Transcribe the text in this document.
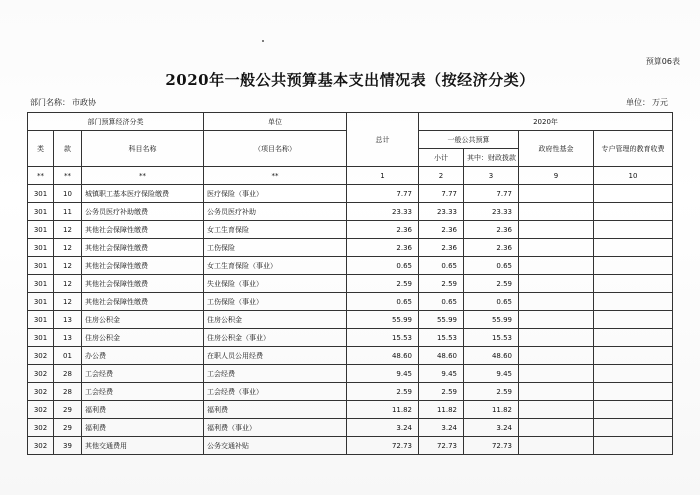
预算06表
2020年一般公共预算基本支出情况表（按经济分类）
部门名称： 市政协	单位： 万元
部门预算经济分类			单位	总计	2020年			
类	款	科目名称	（项目名称）		一般公共预算		政府性基金	专户管理的教育收费
					小计	其中：财政拨款		
**	**	**	**	1	2	3	9	10
301	10	城镇职工基本医疗保险缴费	医疗保险（事业）	7.77	7.77	7.77		
301	11	公务员医疗补助缴费	公务员医疗补助	23.33	23.33	23.33		
301	12	其他社会保障性缴费	女工生育保险	2.36	2.36	2.36		
301	12	其他社会保障性缴费	工伤保险	2.36	2.36	2.36		
301	12	其他社会保障性缴费	女工生育保险（事业）	0.65	0.65	0.65		
301	12	其他社会保障性缴费	失业保险（事业）	2.59	2.59	2.59		
301	12	其他社会保障性缴费	工伤保险（事业）	0.65	0.65	0.65		
301	13	住房公积金	住房公积金	55.99	55.99	55.99		
301	13	住房公积金	住房公积金（事业）	15.53	15.53	15.53		
302	01	办公费	在职人员公用经费	48.60	48.60	48.60		
302	28	工会经费	工会经费	9.45	9.45	9.45		
302	28	工会经费	工会经费（事业）	2.59	2.59	2.59		
302	29	福利费	福利费	11.82	11.82	11.82		
302	29	福利费	福利费（事业）	3.24	3.24	3.24		
302	39	其他交通费用	公务交通补贴	72.73	72.73	72.73		
